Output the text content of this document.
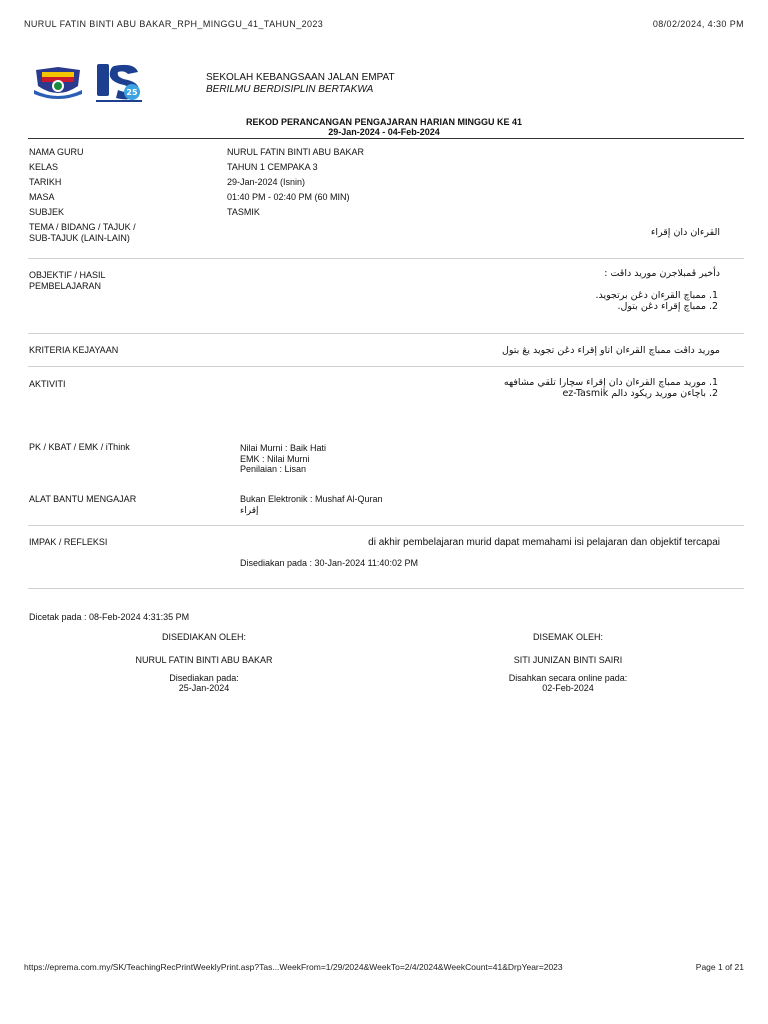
NURUL FATIN BINTI ABU BAKAR_RPH_MINGGU_41_TAHUN_2023	08/02/2024, 4:30 PM
25
SEKOLAH KEBANGSAAN JALAN EMPAT
BERILMU BERDISIPLIN BERTAKWA
REKOD PERANCANGAN PENGAJARAN HARIAN MINGGU KE 41
29-Jan-2024 - 04-Feb-2024
NAMA GURU	NURUL FATIN BINTI ABU BAKAR
KELAS	TAHUN 1 CEMPAKA 3
TARIKH	29-Jan-2024 (Isnin)
MASA	01:40 PM - 02:40 PM (60 MIN)
SUBJEK	TASMIK
TEMA / BIDANG / TAJUK /
SUB-TAJUK (LAIN-LAIN)	القرءان دان إقراء
OBJEKTIF / HASIL
PEMBELAJARAN
دأخير ڤمبلاجرن موريد داڤت :
1. ممباچ القرءان دڠن برتجويد.
2. ممباچ إقراء دڠن بتول.
KRITERIA KEJAYAAN	موريد داڤت ممباچ القرءان اتاو إقراء دڠن تجويد يڠ بتول
AKTIVITI
1.	موريد ممباچ القرءان دان إقراء سچارا تلقي مشافهه
2. باچاءن موريد ريكود دالم ez-Tasmik
PK / KBAT / EMK / iThink	Nilai Murni : Baik Hati
EMK : Nilai Murni
Penilaian : Lisan
ALAT BANTU MENGAJAR	Bukan Elektronik : Mushaf Al-Quran
إقراء
IMPAK / REFLEKSI	di akhir pembelajaran murid dapat memahami isi pelajaran dan objektif tercapai
Disediakan pada : 30-Jan-2024 11:40:02 PM
Dicetak pada : 08-Feb-2024 4:31:35 PM
DISEDIAKAN OLEH:
NURUL FATIN BINTI ABU BAKAR
Disediakan pada:
25-Jan-2024
DISEMAK OLEH:
SITI JUNIZAN BINTI SAIRI
Disahkan secara online pada:
02-Feb-2024
https://eprema.com.my/SK/TeachingRecPrintWeeklyPrint.asp?Tas...WeekFrom=1/29/2024&WeekTo=2/4/2024&WeekCount=41&DrpYear=2023	Page 1 of 21
